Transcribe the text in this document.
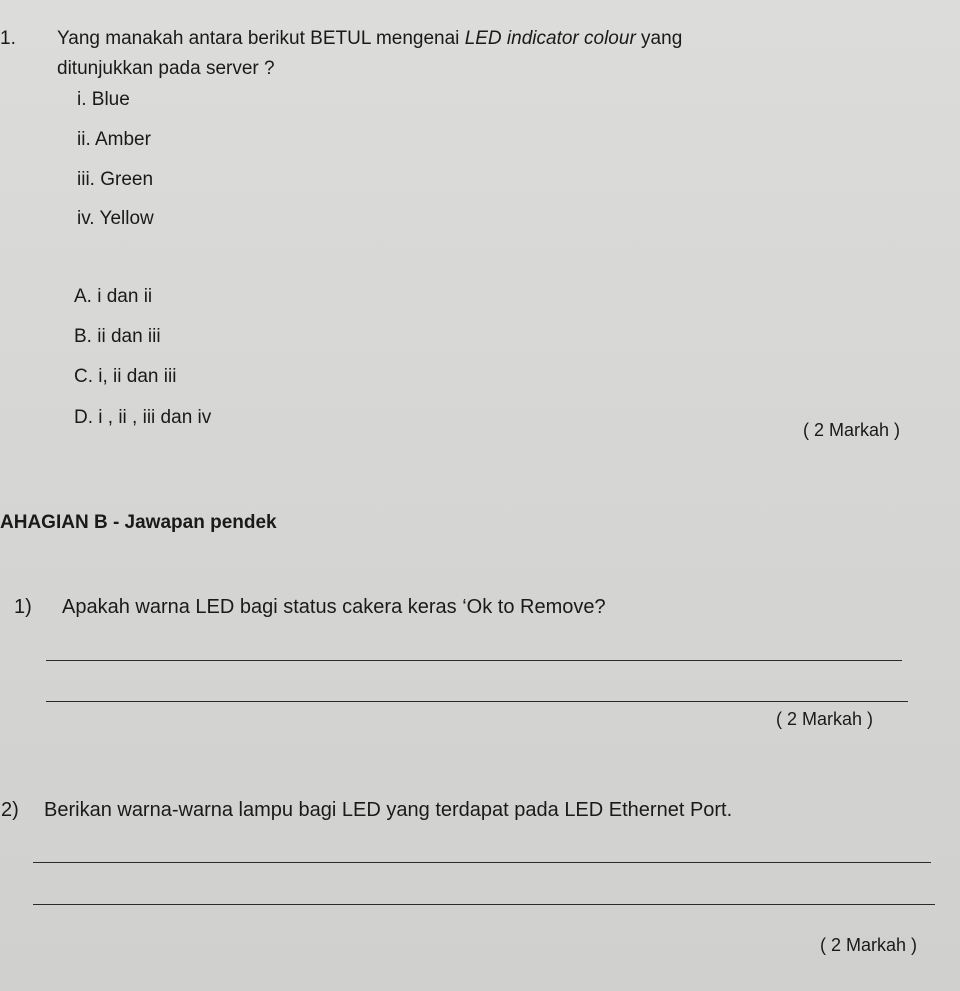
1. Yang manakah antara berikut BETUL mengenai LED indicator colour yang
ditunjukkan pada server ?
i. Blue
ii. Amber
iii. Green
iv. Yellow
A. i dan ii
B. ii dan iii
C. i, ii dan iii
D. i , ii , iii dan iv
( 2 Markah )
AHAGIAN B - Jawapan pendek
1) Apakah warna LED bagi status cakera keras ‘Ok to Remove?
( 2 Markah )
2) Berikan warna-warna lampu bagi LED yang terdapat pada LED Ethernet Port.
( 2 Markah )
